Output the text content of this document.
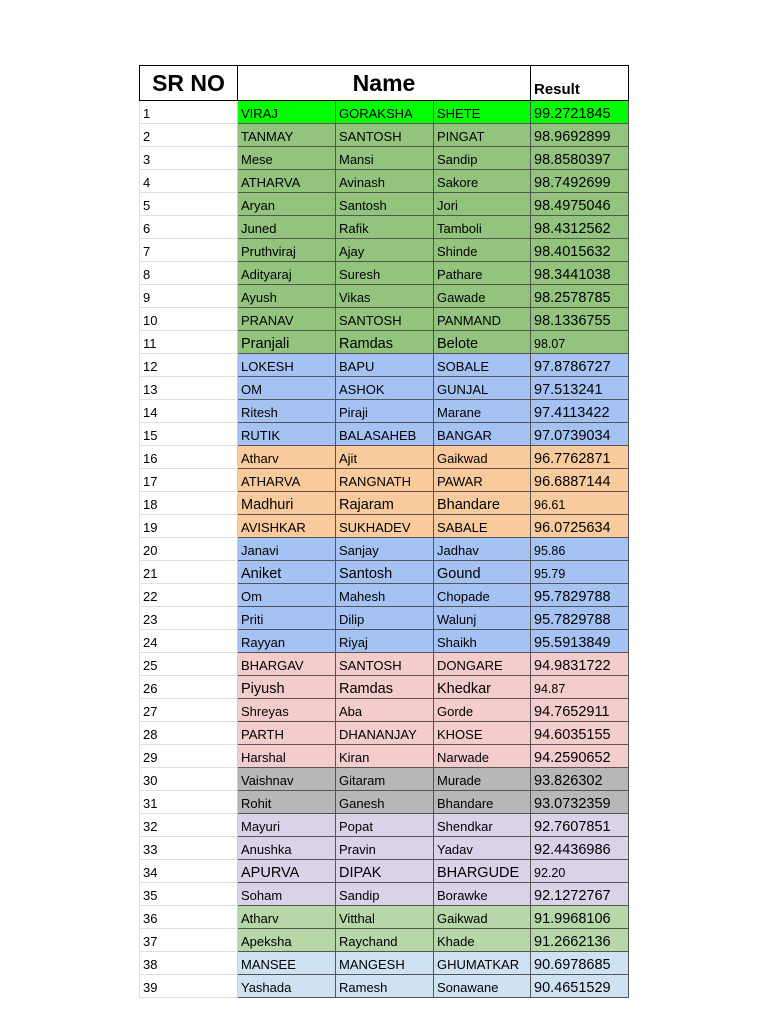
SR NO	Name			Result
1	VIRAJ	GORAKSHA	SHETE	99.2721845
2	TANMAY	SANTOSH	PINGAT	98.9692899
3	Mese	Mansi	Sandip	98.8580397
4	ATHARVA	Avinash	Sakore	98.7492699
5	Aryan	Santosh	Jori	98.4975046
6	Juned	Rafik	Tamboli	98.4312562
7	Pruthviraj	Ajay	Shinde	98.4015632
8	Adityaraj	Suresh	Pathare	98.3441038
9	Ayush	Vikas	Gawade	98.2578785
10	PRANAV	SANTOSH	PANMAND	98.1336755
11	Pranjali	Ramdas	Belote	98.07
12	LOKESH	BAPU	SOBALE	97.8786727
13	OM	ASHOK	GUNJAL	97.513241
14	Ritesh	Piraji	Marane	97.4113422
15	RUTIK	BALASAHEB	BANGAR	97.0739034
16	Atharv	Ajit	Gaikwad	96.7762871
17	ATHARVA	RANGNATH	PAWAR	96.6887144
18	Madhuri	Rajaram	Bhandare	96.61
19	AVISHKAR	SUKHADEV	SABALE	96.0725634
20	Janavi	Sanjay	Jadhav	95.86
21	Aniket	Santosh	Gound	95.79
22	Om	Mahesh	Chopade	95.7829788
23	Priti	Dilip	Walunj	95.7829788
24	Rayyan	Riyaj	Shaikh	95.5913849
25	BHARGAV	SANTOSH	DONGARE	94.9831722
26	Piyush	Ramdas	Khedkar	94.87
27	Shreyas	Aba	Gorde	94.7652911
28	PARTH	DHANANJAY	KHOSE	94.6035155
29	Harshal	Kiran	Narwade	94.2590652
30	Vaishnav	Gitaram	Murade	93.826302
31	Rohit	Ganesh	Bhandare	93.0732359
32	Mayuri	Popat	Shendkar	92.7607851
33	Anushka	Pravin	Yadav	92.4436986
34	APURVA	DIPAK	BHARGUDE	92.20
35	Soham	Sandip	Borawke	92.1272767
36	Atharv	Vitthal	Gaikwad	91.9968106
37	Apeksha	Raychand	Khade	91.2662136
38	MANSEE	MANGESH	GHUMATKAR	90.6978685
39	Yashada	Ramesh	Sonawane	90.4651529
